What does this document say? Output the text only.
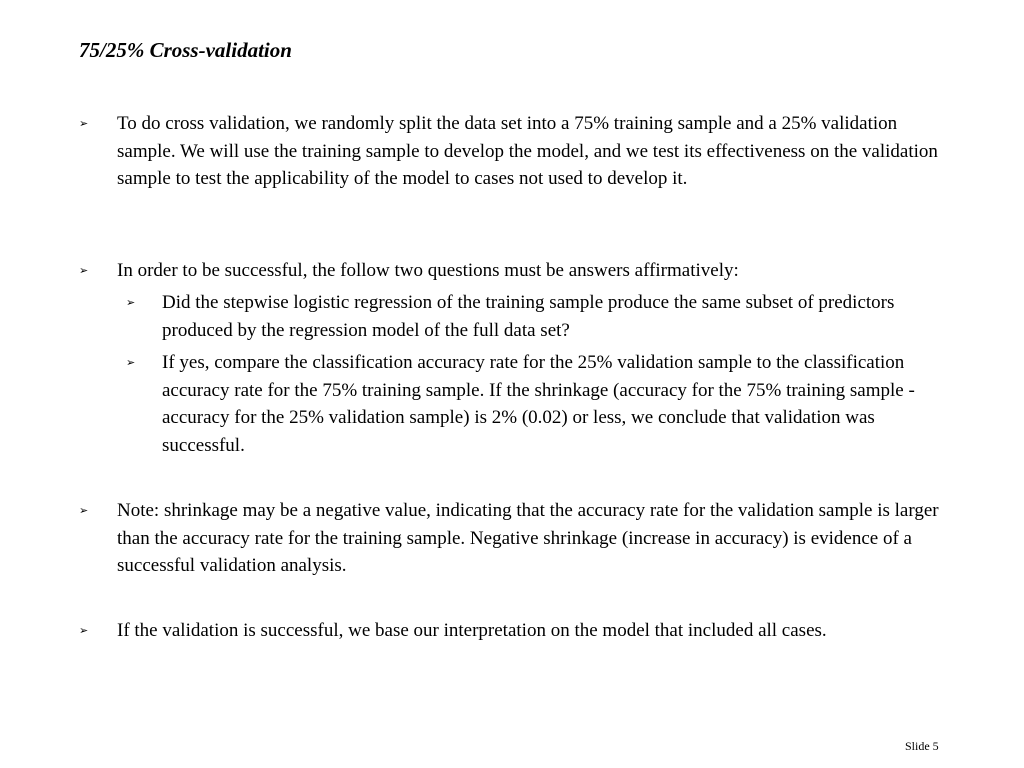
75/25% Cross-validation
➢	To do cross validation, we randomly split the data set into a 75% training sample and a 25% validation sample. We will use the training sample to develop the model, and we test its effectiveness on the validation sample to test the applicability of the model to cases not used to develop it.
➢	In order to be successful, the follow two questions must be answers affirmatively:
➢ Did the stepwise logistic regression of the training sample produce the same subset of predictors produced by the regression model of the full data set?
➢ If yes, compare the classification accuracy rate for the 25% validation sample to the classification accuracy rate for the 75% training sample. If the shrinkage (accuracy for the 75% training sample - accuracy for the 25% validation sample) is 2% (0.02) or less, we conclude that validation was successful.
➢	Note: shrinkage may be a negative value, indicating that the accuracy rate for the validation sample is larger than the accuracy rate for the training sample. Negative shrinkage (increase in accuracy) is evidence of a successful validation analysis.
➢	If the validation is successful, we base our interpretation on the model that included all cases.
Slide 5
